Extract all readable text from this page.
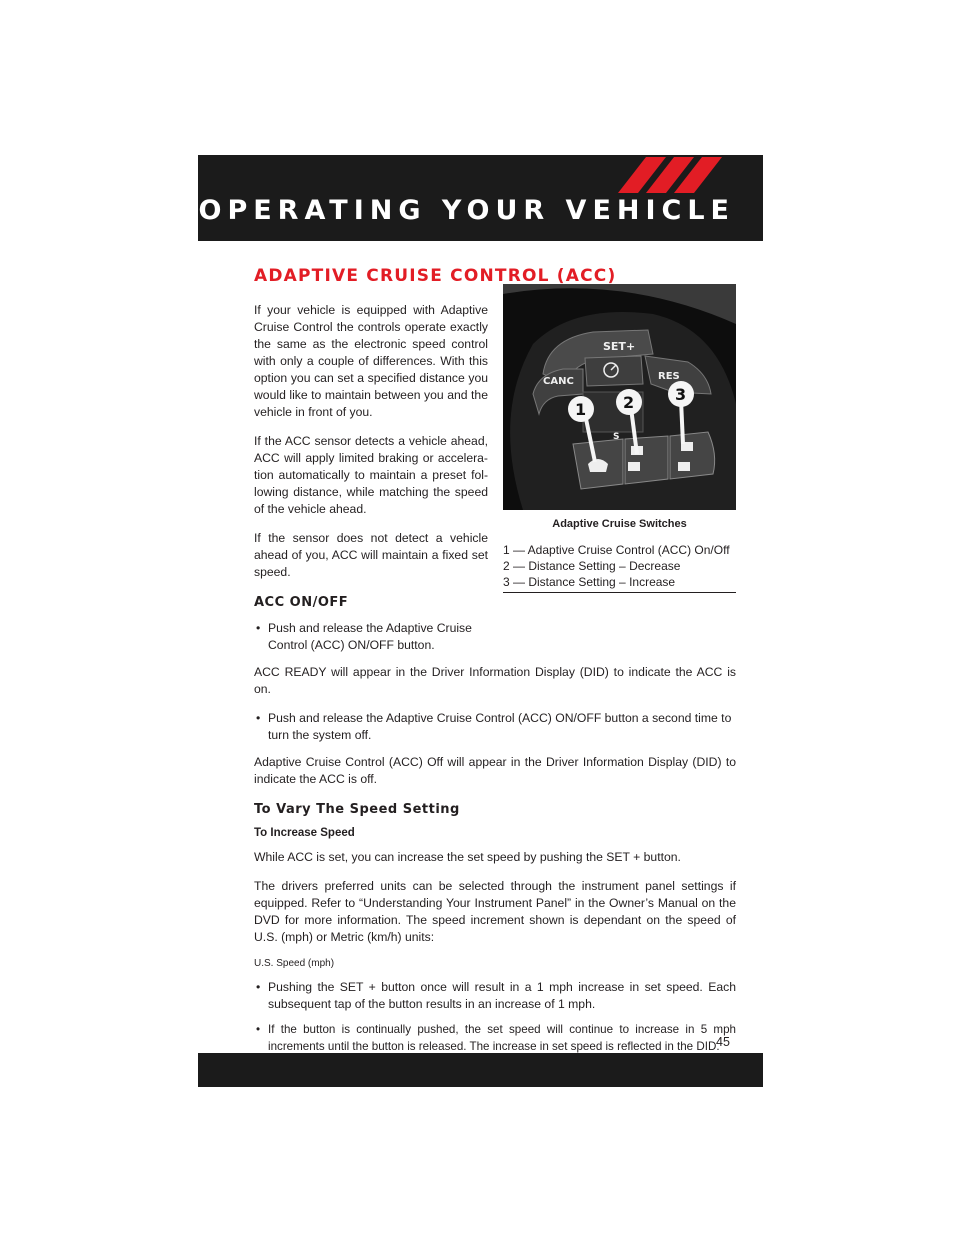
OPERATING YOUR VEHICLE
ADAPTIVE CRUISE CONTROL (ACC)

If your vehicle is equipped with Adaptive Cruise Control the controls operate exactly the same as the electronic speed control with only a couple of differences. With this option you can set a specified distance you would like to maintain between you and the vehicle in front of you.

If the ACC sensor detects a vehicle ahead, ACC will apply limited braking or accelera-tion automatically to maintain a preset fol-lowing distance, while matching the speed of the vehicle ahead.

If the sensor does not detect a vehicle ahead of you, ACC will maintain a fixed set speed.

ACC ON/OFF
• Push and release the Adaptive Cruise Control (ACC) ON/OFF button.
SET+
CANC	RES
S
1 2	3
Adaptive Cruise Switches
1 — Adaptive Cruise Control (ACC) On/Off
2 — Distance Setting – Decrease
3 — Distance Setting – Increase

ACC READY will appear in the Driver Information Display (DID) to indicate the ACC is on.

• Push and release the Adaptive Cruise Control (ACC) ON/OFF button a second time to turn the system off.

Adaptive Cruise Control (ACC) Off will appear in the Driver Information Display (DID) to indicate the ACC is off.

To Vary The Speed Setting
To Increase Speed

While ACC is set, you can increase the set speed by pushing the SET + button.

The drivers preferred units can be selected through the instrument panel settings if equipped. Refer to “Understanding Your Instrument Panel” in the Owner’s Manual on the DVD for more information. The speed increment shown is dependant on the speed of U.S. (mph) or Metric (km/h) units:

U.S. Speed (mph)
• Pushing the SET + button once will result in a 1 mph increase in set speed. Each subsequent tap of the button results in an increase of 1 mph.
• If the button is continually pushed, the set speed will continue to increase in 5 mph increments until the button is released. The increase in set speed is reflected in the DID.
45
